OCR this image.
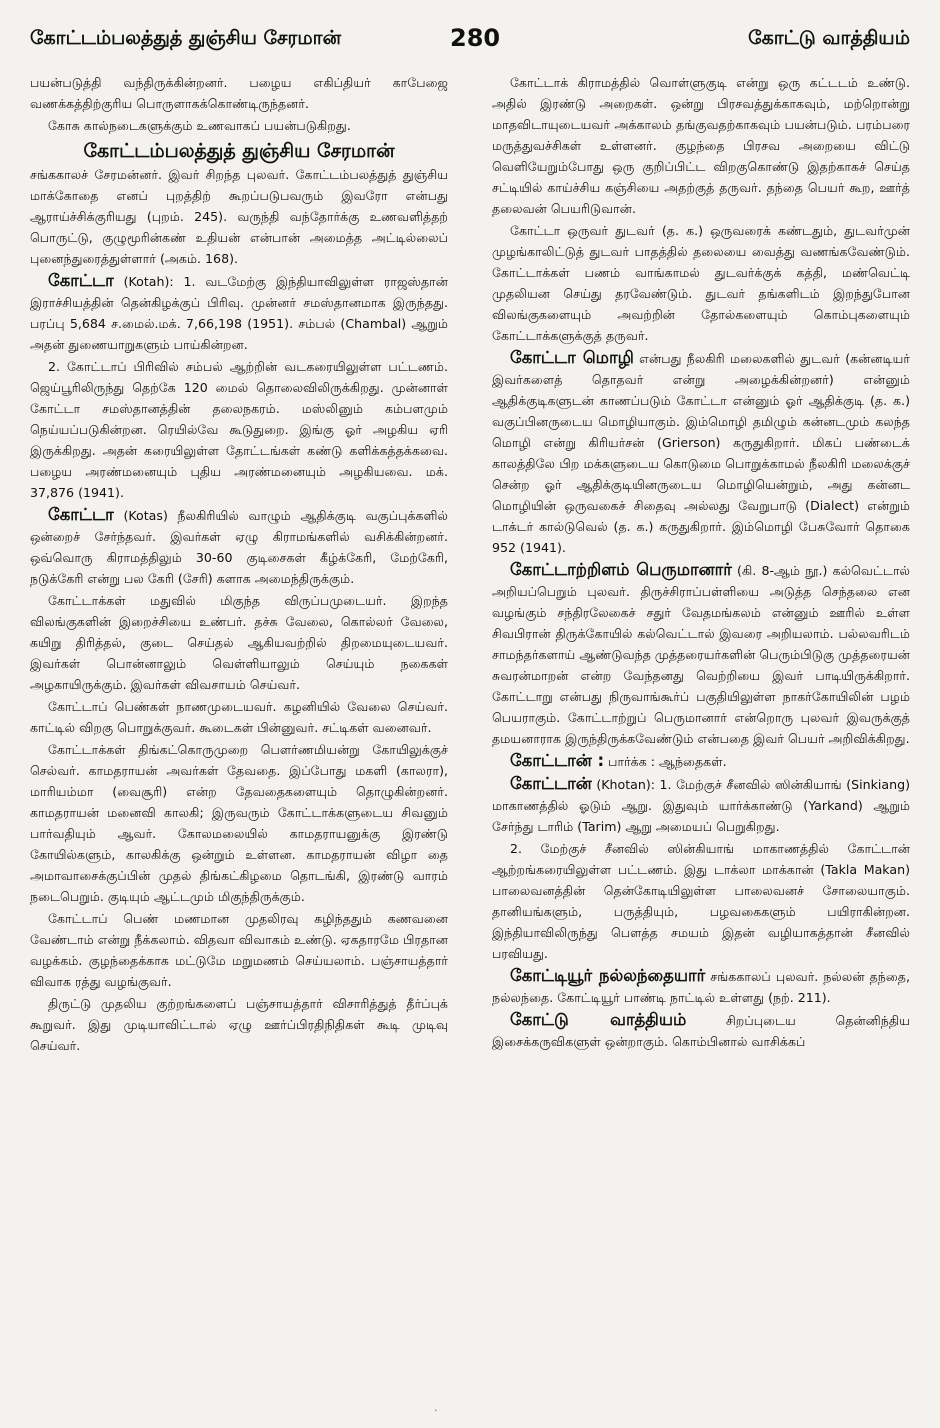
கோட்டம்பலத்துத் துஞ்சிய சேரமான்	280	கோட்டு வாத்தியம்

பயன்படுத்தி வந்திருக்கின்றனர். பழைய எகிப்தியர் காபேஜை வணக்கத்திற்குரிய பொருளாகக்கொண்டிருந்தனர்.

கோசு கால்நடைகளுக்கும் உணவாகப் பயன்படுகிறது.

கோட்டம்பலத்துத் துஞ்சிய சேரமான்

சங்ககாலச் சேரமன்னர். இவர் சிறந்த புலவர். கோட்டம்பலத்துத் துஞ்சிய மாக்கோதை எனப் புறத்திற் கூறப்படுபவரும் இவரோ என்பது ஆராய்ச்சிக்குரியது (புறம். 245). வருந்தி வந்தோர்க்கு உணவளித்தற் பொருட்டு, குழுமூரின்கண் உதியன் என்பான் அமைத்த அட்டில்லைப் புனைந்துரைத்துள்ளார் (அகம். 168).

கோட்டா (Kotah): 1. வடமேற்கு இந்தியாவிலுள்ள ராஜஸ்தான் இராச்சியத்தின் தென்கிழக்குப் பிரிவு. முன்னர் சமஸ்தானமாக இருந்தது. பரப்பு 5,684 ச.மைல்.மக். 7,66,198 (1951). சம்பல் (Chambal) ஆறும் அதன் துணையாறுகளும் பாய்கின்றன.

2. கோட்டாப் பிரிவில் சம்பல் ஆற்றின் வடகரையிலுள்ள பட்டணம். ஜெய்பூரிலிருந்து தெற்கே 120 மைல் தொலைவிலிருக்கிறது. முன்னாள் கோட்டா சமஸ்தானத்தின் தலைநகரம். மஸ்லினும் கம்பளமும் நெய்யப்படுகின்றன. ரெயில்வே கூடுதுறை. இங்கு ஓர் அழகிய ஏரி இருக்கிறது. அதன் கரையிலுள்ள தோட்டங்கள் கண்டு களிக்கத்தக்கவை. பழைய அரண்மனையும் புதிய அரண்மனையும் அழகியவை. மக். 37,876 (1941).

கோட்டா (Kotas) நீலகிரியில் வாழும் ஆதிக்குடி வகுப்புக்களில் ஒன்றைச் சேர்ந்தவர். இவர்கள் ஏழு கிராமங்களில் வசிக்கின்றனர். ஒவ்வொரு கிராமத்திலும் 30-60 குடிசைகள் கீழ்க்கேரி, மேற்கேரி, நடுக்கேரி என்று பல கேரி (சேரி) களாக அமைந்திருக்கும்.

கோட்டாக்கள் மதுவில் மிகுந்த விருப்பமுடையர். இறந்த விலங்குகளின் இறைச்சியை உண்பர். தச்சு வேலை, கொல்லர் வேலை, கயிறு திரித்தல், குடை செய்தல் ஆகியவற்றில் திறமையுடையவர். இவர்கள் பொன்னாலும் வெள்ளியாலும் செய்யும் நகைகள் அழகாயிருக்கும். இவர்கள் விவசாயம் செய்வர்.

கோட்டாப் பெண்கள் நாணமுடையவர். கழனியில் வேலை செய்வர். காட்டில் விறகு பொறுக்குவர். கூடைகள் பின்னுவர். சட்டிகள் வனைவர்.

கோட்டாக்கள் திங்கட்கொருமுறை பௌர்ணமியன்று கோயிலுக்குச் செல்வர். காமதராயன் அவர்கள் தேவதை. இப்போது மகளி (காலரா), மாரியம்மா (வைசூரி) என்ற தேவதைகளையும் தொழுகின்றனர். காமதராயன் மனைவி காலகி; இருவரும் கோட்டாக்களுடைய சிவனும் பார்வதியும் ஆவர். கோலமலையில் காமதராயனுக்கு இரண்டு கோயில்களும், காலகிக்கு ஒன்றும் உள்ளன. காமதராயன் விழா தை அமாவாசைக்குப்பின் முதல் திங்கட்கிழமை தொடங்கி, இரண்டு வாரம் நடைபெறும். குடியும் ஆட்டமும் மிகுந்திருக்கும்.

கோட்டாப் பெண் மணமான முதலிரவு கழிந்ததும் கணவனை வேண்டாம் என்று நீக்கலாம். விதவா விவாகம் உண்டு. ஏகதாரமே பிரதான வழக்கம். குழந்தைக்காக மட்டுமே மறுமணம் செய்யலாம். பஞ்சாயத்தார் விவாக ரத்து வழங்குவர்.

திருட்டு முதலிய குற்றங்களைப் பஞ்சாயத்தார் விசாரித்துத் தீர்ப்புக் கூறுவர். இது முடியாவிட்டால் ஏழு ஊர்ப்பிரதிநிதிகள் கூடி முடிவு செய்வர்.

கோட்டாக் கிராமத்தில் வொள்ளுகுடி என்று ஒரு கட்டடம் உண்டு. அதில் இரண்டு அறைகள். ஒன்று பிரசவத்துக்காகவும், மற்றொன்று மாதவிடாயுடையவர் அக்காலம் தங்குவதற்காகவும் பயன்படும். பரம்பரை மருத்துவச்சிகள் உள்ளனர். குழந்தை பிரசவ அறையை விட்டு வெளியேறும்போது ஒரு குறிப்பிட்ட விறகுகொண்டு இதற்காகச் செய்த சட்டியில் காய்ச்சிய கஞ்சியை அதற்குத் தருவர். தந்தை பெயர் கூற, ஊர்த் தலைவன் பெயரிடுவான்.

கோட்டா ஒருவர் துடவர் (த. க.) ஒருவரைக் கண்டதும், துடவர்முன் முழங்காலிட்டுத் துடவர் பாதத்தில் தலையை வைத்து வணங்கவேண்டும். கோட்டாக்கள் பணம் வாங்காமல் துடவர்க்குக் கத்தி, மண்வெட்டி முதலியன செய்து தரவேண்டும். துடவர் தங்களிடம் இறந்துபோன விலங்குகளையும் அவற்றின் தோல்களையும் கொம்புகளையும் கோட்டாக்களுக்குத் தருவர்.

கோட்டா மொழி என்பது நீலகிரி மலைகளில் துடவர் (கன்னடியர் இவர்களைத் தொதவர் என்று அழைக்கின்றனர்) என்னும் ஆதிக்குடிகளுடன் காணப்படும் கோட்டா என்னும் ஓர் ஆதிக்குடி (த. க.) வகுப்பினருடைய மொழியாகும். இம்மொழி தமிழும் கன்னடமும் கலந்த மொழி என்று கிரியர்சன் (Grierson) கருதுகிறார். மிகப் பண்டைக் காலத்திலே பிற மக்களுடைய கொடுமை பொறுக்காமல் நீலகிரி மலைக்குச் சென்ற ஓர் ஆதிக்குடியினருடைய மொழியென்றும், அது கன்னட மொழியின் ஒருவகைச் சிதைவு அல்லது வேறுபாடு (Dialect) என்றும் டாக்டர் கால்டுவெல் (த. க.) கருதுகிறார். இம்மொழி பேசுவோர் தொகை 952 (1941).

கோட்டாற்றிளம் பெருமானார் (கி. 8-ஆம் நூ.) கல்வெட்டால் அறியப்பெறும் புலவர். திருச்சிராப்பள்ளியை அடுத்த செந்தலை என வழங்கும் சந்திரலேகைச் சதுர் வேதமங்கலம் என்னும் ஊரில் உள்ள சிவபிரான் திருக்கோயில் கல்வெட்டால் இவரை அறியலாம். பல்லவரிடம் சாமந்தர்களாய் ஆண்டுவந்த முத்தரையர்களின் பெரும்பிடுகு முத்தரையன் சுவரன்மாறன் என்ற வேந்தனது வெற்றியை இவர் பாடியிருக்கிறார். கோட்டாறு என்பது நிருவாங்கூர்ப் பகுதியிலுள்ள நாகர்கோயிலின் பழம் பெயராகும். கோட்டாற்றுப் பெருமானார் என்றொரு புலவர் இவருக்குத் தமயனாராக இருந்திருக்கவேண்டும் என்பதை இவர் பெயர் அறிவிக்கிறது.

கோட்டான் : பார்க்க : ஆந்தைகள்.

கோட்டான் (Khotan): 1. மேற்குச் சீனவில் ஸின்கியாங் (Sinkiang) மாகாணத்தில் ஓடும் ஆறு. இதுவும் யார்க்காண்டு (Yarkand) ஆறும் சேர்ந்து டாரிம் (Tarim) ஆறு அமையப் பெறுகிறது.

2. மேற்குச் சீனவில் ஸின்கியாங் மாகாணத்தில் கோட்டான் ஆற்றங்கரையிலுள்ள பட்டணம். இது டாக்லா மாக்கான் (Takla Makan) பாலைவனத்தின் தென்கோடியிலுள்ள பாலைவனச் சோலையாகும். தானியங்களும், பருத்தியும், பழவகைகளும் பயிராகின்றன. இந்தியாவிலிருந்து பௌத்த சமயம் இதன் வழியாகத்தான் சீனவில் பரவியது.

கோட்டியூர் நல்லந்தையார் சங்ககாலப் புலவர். நல்லன் தந்தை, நல்லந்தை. கோட்டியூர் பாண்டி நாட்டில் உள்ளது (நற். 211).

கோட்டு வாத்தியம்	சிறப்புடைய தென்னிந்திய இசைக்கருவிகளுள் ஒன்றாகும். கொம்பினால் வாசிக்கப்

·
